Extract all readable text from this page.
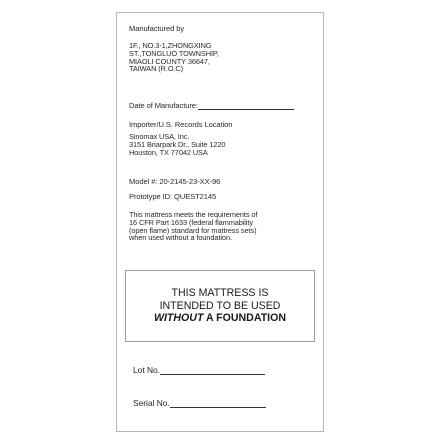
Manufactured by
1F., NO.3-1,ZHONGXING
ST.,TONGLUO TOWNSHIP,
MIAOLI COUNTY 36647,
TAIWAN (R.O.C)
Date of Manufacture:
Importer/U.S. Records Location
Sinomax USA, Inc.
3151 Briarpark Dr., Suite 1220
Houston, TX 77042 USA
Model #: 20-2145-23-XX-96
Prototype ID: QUEST2145
This mattress meets the requirements of
16 CFR Part 1633 (federal flammability
(open flame) standard for mattress sets)
when used without a foundation.
THIS MATTRESS IS
INTENDED TO BE USED
WITHOUT A FOUNDATION
Lot No.
Serial No.
